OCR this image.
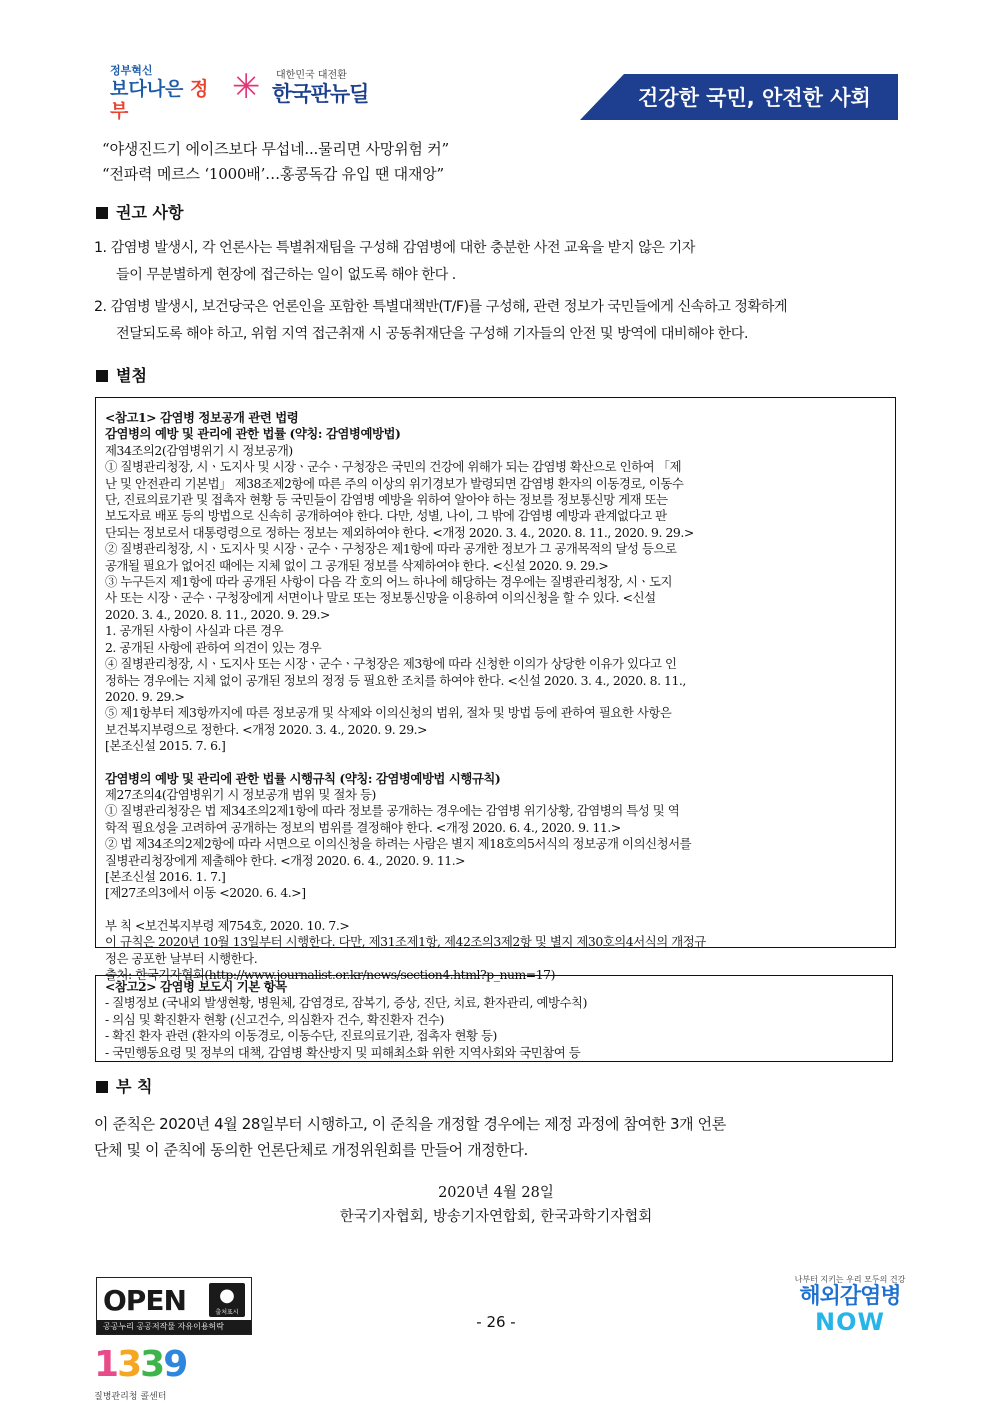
정부혁신
보다나은 정부
✳ 대한민국 대전환
한국판뉴딜	건강한 국민, 안전한 사회
“야생진드기 에이즈보다 무섭네...물리면 사망위험 커”
“전파력 메르스 ‘1000배’…홍콩독감 유입 땐 대재앙”
권고 사항
1. 감염병 발생시, 각 언론사는 특별취재팀을 구성해 감염병에 대한 충분한 사전 교육을 받지 않은 기자
들이 무분별하게 현장에 접근하는 일이 없도록 해야 한다 .
2. 감염병 발생시, 보건당국은 언론인을 포함한 특별대책반(T/F)를 구성해, 관련 정보가 국민들에게 신속하고 정확하게
전달되도록 해야 하고, 위험 지역 접근취재 시 공동취재단을 구성해 기자들의 안전 및 방역에 대비해야 한다.
별첨
<참고1> 감염병 정보공개 관련 법령
감염병의 예방 및 관리에 관한 법률 (약칭: 감염병예방법)
제34조의2(감염병위기 시 정보공개)
① 질병관리청장, 시ㆍ도지사 및 시장ㆍ군수ㆍ구청장은 국민의 건강에 위해가 되는 감염병 확산으로 인하여 「제
난 및 안전관리 기본법」 제38조제2항에 따른 주의 이상의 위기경보가 발령되면 감염병 환자의 이동경로, 이동수
단, 진료의료기관 및 접촉자 현황 등 국민들이 감염병 예방을 위하여 알아야 하는 정보를 정보통신망 게재 또는
보도자료 배포 등의 방법으로 신속히 공개하여야 한다. 다만, 성별, 나이, 그 밖에 감염병 예방과 관계없다고 판
단되는 정보로서 대통령령으로 정하는 정보는 제외하여야 한다. <개정 2020. 3. 4., 2020. 8. 11., 2020. 9. 29.>
② 질병관리청장, 시ㆍ도지사 및 시장ㆍ군수ㆍ구청장은 제1항에 따라 공개한 정보가 그 공개목적의 달성 등으로
공개될 필요가 없어진 때에는 지체 없이 그 공개된 정보를 삭제하여야 한다. <신설 2020. 9. 29.>
③ 누구든지 제1항에 따라 공개된 사항이 다음 각 호의 어느 하나에 해당하는 경우에는 질병관리청장, 시ㆍ도지
사 또는 시장ㆍ군수ㆍ구청장에게 서면이나 말로 또는 정보통신망을 이용하여 이의신청을 할 수 있다. <신설
2020. 3. 4., 2020. 8. 11., 2020. 9. 29.>
1. 공개된 사항이 사실과 다른 경우
2. 공개된 사항에 관하여 의견이 있는 경우
④ 질병관리청장, 시ㆍ도지사 또는 시장ㆍ군수ㆍ구청장은 제3항에 따라 신청한 이의가 상당한 이유가 있다고 인
정하는 경우에는 지체 없이 공개된 정보의 정정 등 필요한 조치를 하여야 한다. <신설 2020. 3. 4., 2020. 8. 11.,
2020. 9. 29.>
⑤ 제1항부터 제3항까지에 따른 정보공개 및 삭제와 이의신청의 범위, 절차 및 방법 등에 관하여 필요한 사항은
보건복지부령으로 정한다. <개정 2020. 3. 4., 2020. 9. 29.>
[본조신설 2015. 7. 6.]
감염병의 예방 및 관리에 관한 법률 시행규칙 (약칭: 감염병예방법 시행규칙)
제27조의4(감염병위기 시 정보공개 범위 및 절차 등)
① 질병관리청장은 법 제34조의2제1항에 따라 정보를 공개하는 경우에는 감염병 위기상황, 감염병의 특성 및 역
학적 필요성을 고려하여 공개하는 정보의 범위를 결정해야 한다. <개정 2020. 6. 4., 2020. 9. 11.>
② 법 제34조의2제2항에 따라 서면으로 이의신청을 하려는 사람은 별지 제18호의5서식의 정보공개 이의신청서를
질병관리청장에게 제출해야 한다. <개정 2020. 6. 4., 2020. 9. 11.>
[본조신설 2016. 1. 7.]
[제27조의3에서 이동 <2020. 6. 4.>]
부 칙 <보건복지부령 제754호, 2020. 10. 7.>
이 규칙은 2020년 10월 13일부터 시행한다. 다만, 제31조제1항, 제42조의3제2항 및 별지 제30호의4서식의 개정규
정은 공포한 날부터 시행한다.
출처: 한국기자협회(http://www.journalist.or.kr/news/section4.html?p_num=17)
<참고2> 감염병 보도시 기본 항목
- 질병정보 (국내외 발생현황, 병원체, 감염경로, 잠복기, 증상, 진단, 치료, 환자관리, 예방수칙)
- 의심 및 확진환자 현황 (신고건수, 의심환자 건수, 확진환자 건수)
- 확진 환자 관련 (환자의 이동경로, 이동수단, 진료의료기관, 접촉자 현황 등)
- 국민행동요령 및 정부의 대책, 감염병 확산방지 및 피해최소화 위한 지역사회와 국민참여 등
부 칙
이 준칙은 2020년 4월 28일부터 시행하고, 이 준칙을 개정할 경우에는 제정 과정에 참여한 3개 언론
단체 및 이 준칙에 동의한 언론단체로 개정위원회를 만들어 개정한다.
2020년 4월 28일
한국기자협회, 방송기자연합회, 한국과학기자협회
OPEN	●
출처표시
공공누리 공공저작물 자유이용허락	- 26 -
1339
질병관리청 콜센터
나부터 지키는 우리 모두의 건강
해외감염병
NOW
